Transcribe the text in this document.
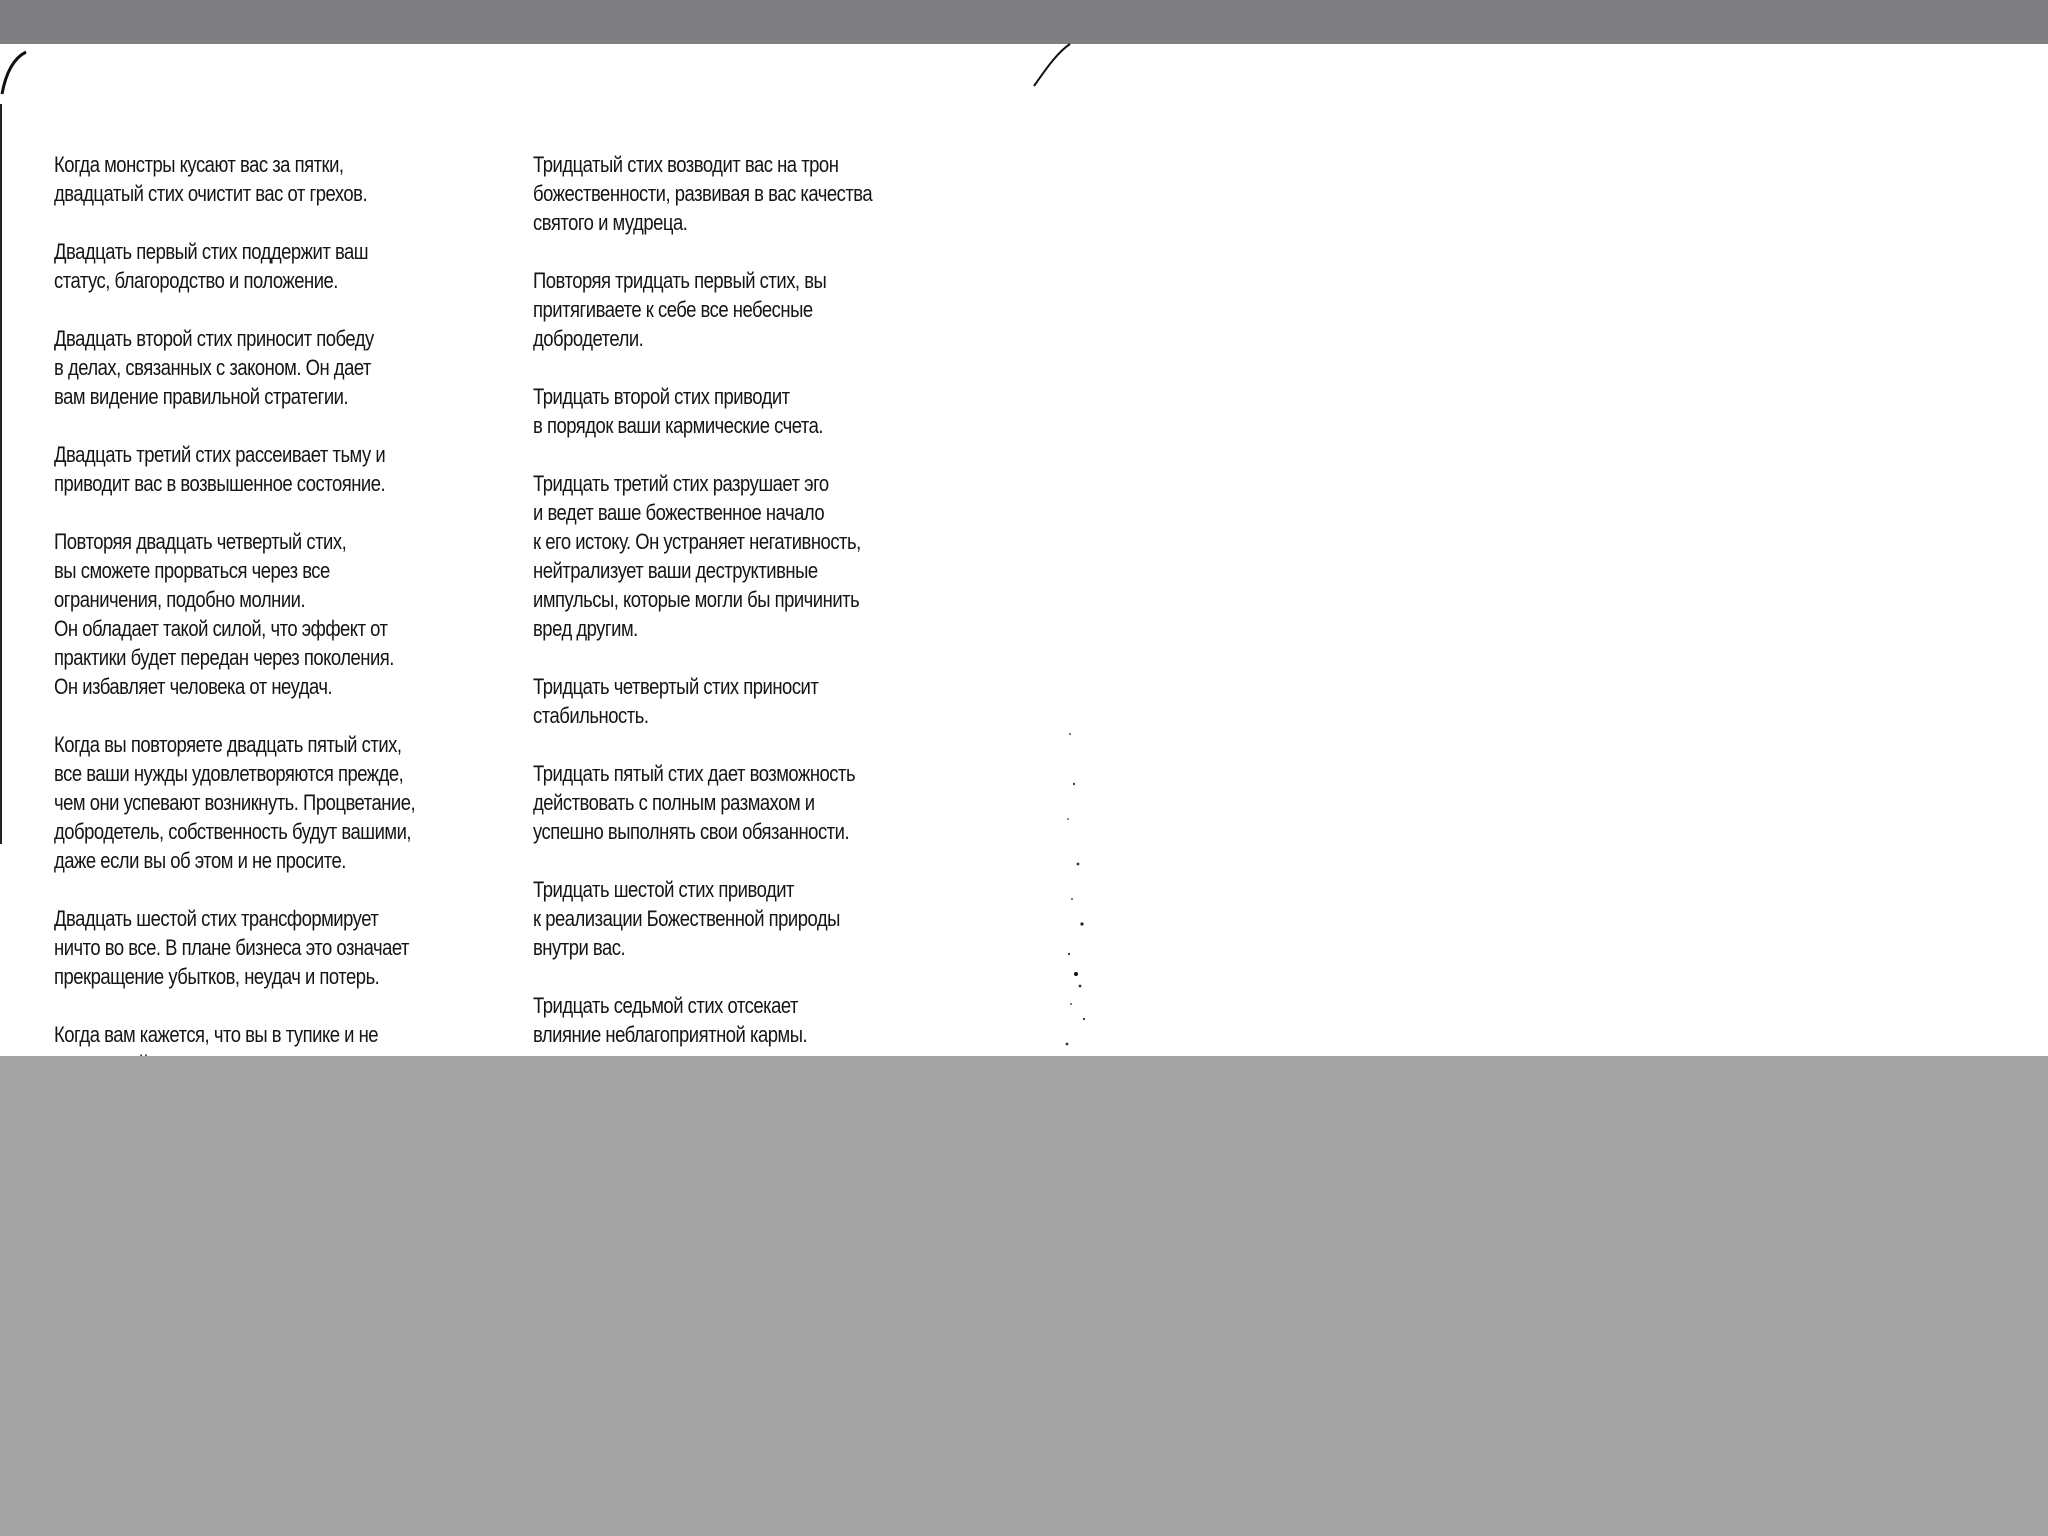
Когда монстры кусают вас за пятки,
двадцатый стих очистит вас от грехов.

Двадцать первый стих поддержит ваш
статус, благородство и положение.

Двадцать второй стих приносит победу
в делах, связанных с законом. Он дает
вам видение правильной стратегии.

Двадцать третий стих рассеивает тьму и
приводит вас в возвышенное состояние.

Повторяя двадцать четвертый стих,
вы сможете прорваться через все
ограничения, подобно молнии.
Он обладает такой силой, что эффект от
практики будет передан через поколения.
Он избавляет человека от неудач.

Когда вы повторяете двадцать пятый стих,
все ваши нужды удовлетворяются прежде,
чем они успевают возникнуть. Процветание,
добродетель, собственность будут вашими,
даже если вы об этом и не просите.

Двадцать шестой стих трансформирует
ничто во все. В плане бизнеса это означает
прекращение убытков, неудач и потерь.

Когда вам кажется, что вы в тупике и не

Тридцатый стих возводит вас на трон
божественности, развивая в вас качества
святого и мудреца.

Повторяя тридцать первый стих, вы
притягиваете к себе все небесные
добродетели.

Тридцать второй стих приводит
в порядок ваши кармические счета.

Тридцать третий стих разрушает эго
и ведет ваше божественное начало
к его истоку. Он устраняет негативность,
нейтрализует ваши деструктивные
импульсы, которые могли бы причинить
вред другим.

Тридцать четвертый стих приносит
стабильность.

Тридцать пятый стих дает возможность
действовать с полным размахом и
успешно выполнять свои обязанности.

Тридцать шестой стих приводит
к реализации Божественной природы
внутри вас.

Тридцать седьмой стих отсекает
влияние неблагоприятной кармы.
